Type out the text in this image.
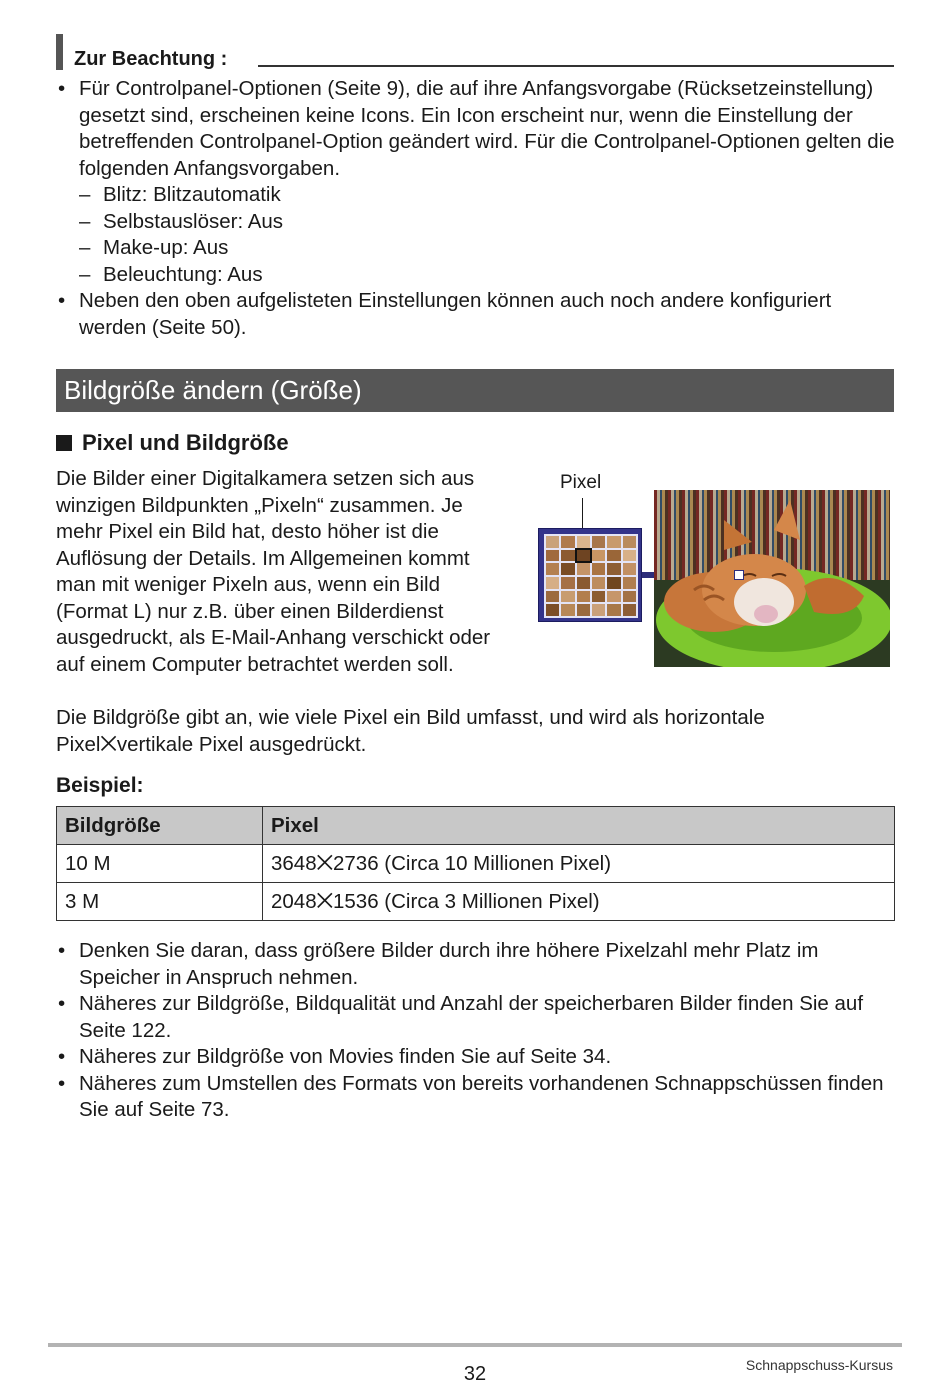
Zur Beachtung :
• Für Controlpanel-Optionen (Seite 9), die auf ihre Anfangsvorgabe (Rücksetzeinstellung) gesetzt sind, erscheinen keine Icons. Ein Icon erscheint nur, wenn die Einstellung der betreffenden Controlpanel-Option geändert wird. Für die Controlpanel-Optionen gelten die folgenden Anfangsvorgaben.
– Blitz: Blitzautomatik
– Selbstauslöser: Aus
– Make-up: Aus
– Beleuchtung: Aus
• Neben den oben aufgelisteten Einstellungen können auch noch andere konfiguriert werden (Seite 50).
Bildgröße ändern (Größe)
Pixel und Bildgröße

Die Bilder einer Digitalkamera setzen sich aus winzigen Bildpunkten „Pixeln“ zusammen. Je mehr Pixel ein Bild hat, desto höher ist die Auflösung der Details. Im Allgemeinen kommt man mit weniger Pixeln aus, wenn ein Bild (Format L) nur z.B. über einen Bilderdienst ausgedruckt, als E-Mail-Anhang verschickt oder auf einem Computer betrachtet werden soll.

Pixel

Die Bildgröße gibt an, wie viele Pixel ein Bild umfasst, und wird als horizontale Pixel⨉vertikale Pixel ausgedrückt.

Beispiel:
Bildgröße	Pixel
10 M	3648⨉2736 (Circa 10 Millionen Pixel)
3 M	2048⨉1536 (Circa 3 Millionen Pixel)
• Denken Sie daran, dass größere Bilder durch ihre höhere Pixelzahl mehr Platz im Speicher in Anspruch nehmen.
• Näheres zur Bildgröße, Bildqualität und Anzahl der speicherbaren Bilder finden Sie auf Seite 122.
• Näheres zur Bildgröße von Movies finden Sie auf Seite 34.
• Näheres zum Umstellen des Formats von bereits vorhandenen Schnappschüssen finden Sie auf Seite 73.
32	Schnappschuss-Kursus
